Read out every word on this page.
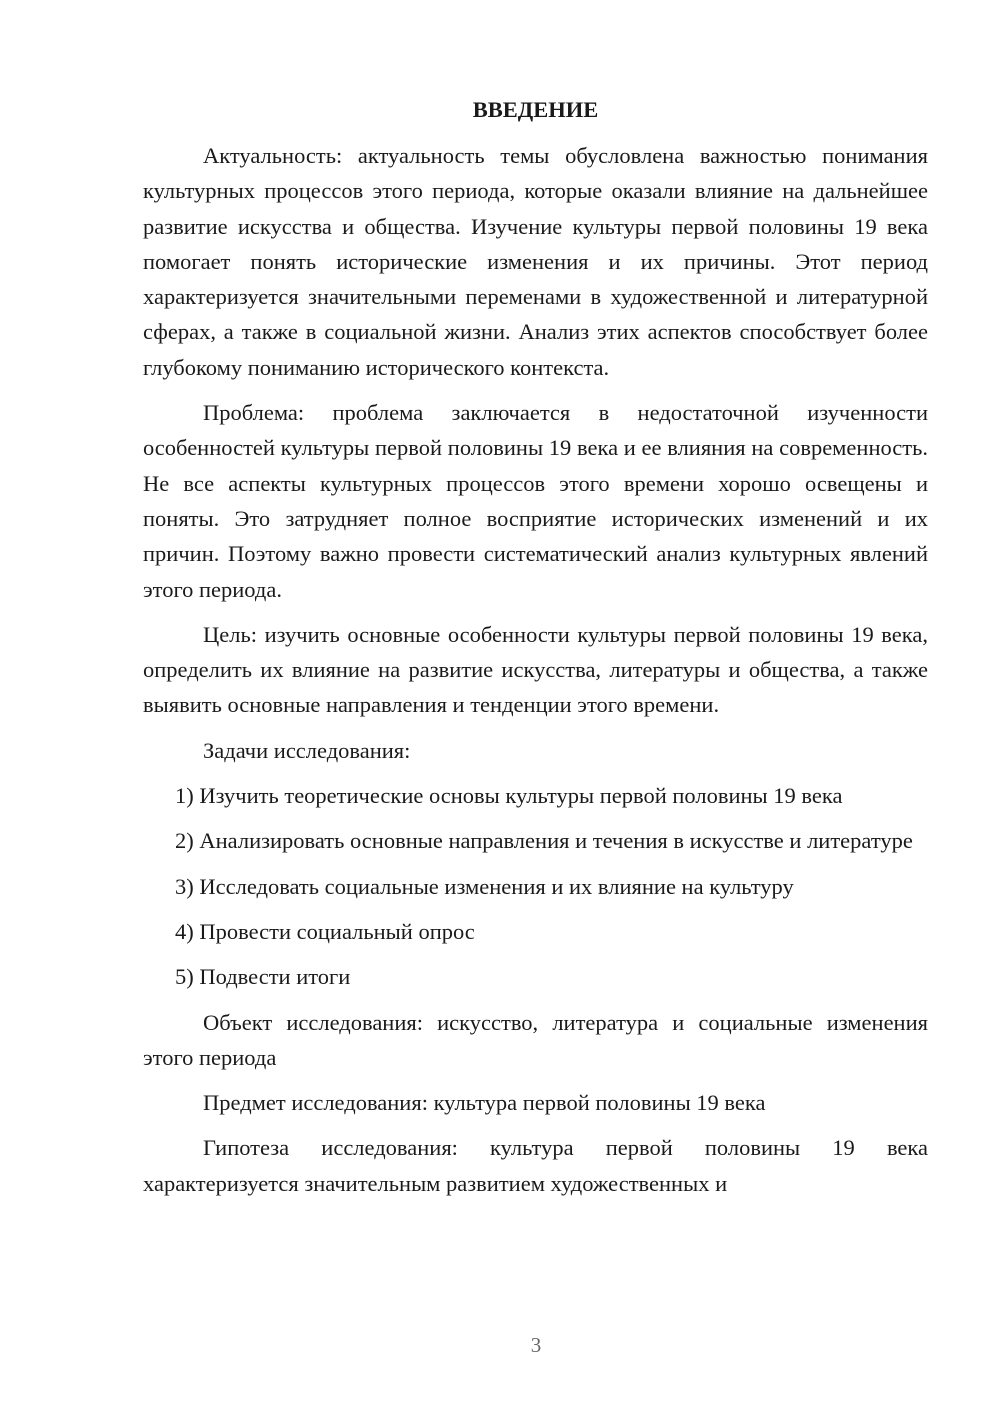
ВВЕДЕНИЕ
Актуальность: актуальность темы обусловлена важностью понимания культурных процессов этого периода, которые оказали влияние на дальнейшее развитие искусства и общества. Изучение культуры первой половины 19 века помогает понять исторические изменения и их причины. Этот период характеризуется значительными переменами в художественной и литературной сферах, а также в социальной жизни. Анализ этих аспектов способствует более глубокому пониманию исторического контекста.
Проблема: проблема заключается в недостаточной изученности особенностей культуры первой половины 19 века и ее влияния на современность. Не все аспекты культурных процессов этого времени хорошо освещены и поняты. Это затрудняет полное восприятие исторических изменений и их причин. Поэтому важно провести систематический анализ культурных явлений этого периода.
Цель: изучить основные особенности культуры первой половины 19 века, определить их влияние на развитие искусства, литературы и общества, а также выявить основные направления и тенденции этого времени.
Задачи исследования:
1) Изучить теоретические основы культуры первой половины 19 века
2) Анализировать основные направления и течения в искусстве и литературе
3) Исследовать социальные изменения и их влияние на культуру
4) Провести социальный опрос
5) Подвести итоги
Объект исследования: искусство, литература и социальные изменения этого периода
Предмет исследования: культура первой половины 19 века
Гипотеза исследования: культура первой половины 19 века характеризуется значительным развитием художественных и
3
